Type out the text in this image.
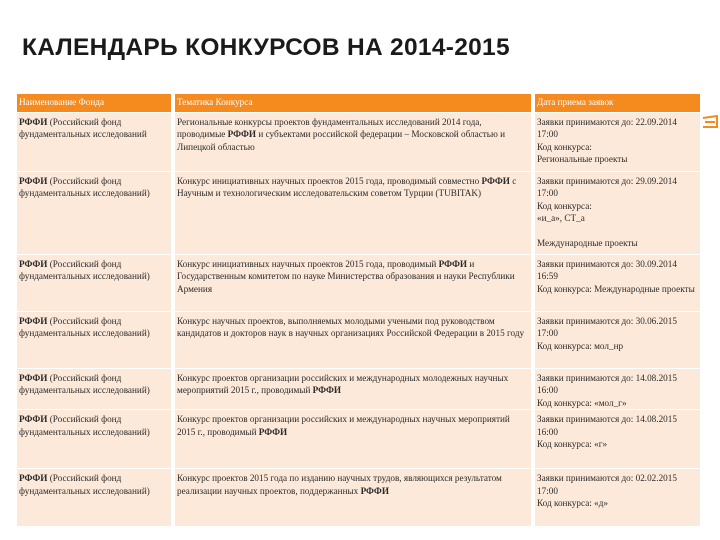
КАЛЕНДАРЬ КОНКУРСОВ НА 2014-2015
Наименование Фонда	Тематика Конкурса	Дата приема заявок
РФФИ (Российский фонд фундаментальных исследований	Региональные конкурсы проектов фундаментальных исследований 2014 года, проводимые РФФИ и субъектами российской федерации – Московской областью и Липецкой областью	Заявки принимаются до: 22.09.2014
17:00
Код конкурса:
Региональные проекты

РФФИ (Российский фонд фундаментальных исследований)	Конкурс инициативных научных проектов 2015 года, проводимый совместно РФФИ с Научным и технологическим исследовательским советом Турции (TUBITAK)	Заявки принимаются до: 29.09.2014
17:00
Код конкурса:
«и_а», СТ_а
Международные проекты

РФФИ (Российский фонд фундаментальных исследований)	Конкурс инициативных научных проектов 2015 года, проводимый РФФИ и Государственным комитетом по науке Министерства образования и науки Республики Армения	Заявки принимаются до: 30.09.2014
16:59
Код конкурса: Международные проекты

РФФИ (Российский фонд фундаментальных исследований)	Конкурс научных проектов, выполняемых молодыми учеными под руководством кандидатов и докторов наук в научных организациях Российской Федерации в 2015 году	Заявки принимаются до: 30.06.2015
17:00
Код конкурса: мол_нр

РФФИ (Российский фонд фундаментальных исследований)	Конкурс проектов организации российских и международных молодежных научных мероприятий 2015 г., проводимый РФФИ	Заявки принимаются до: 14.08.2015
16:00
Код конкурса: «мол_г»

РФФИ (Российский фонд фундаментальных исследований)	Конкурс проектов организации российских и международных научных мероприятий 2015 г., проводимый РФФИ	Заявки принимаются до: 14.08.2015
16:00
Код конкурса: «г»

РФФИ (Российский фонд фундаментальных исследований)	Конкурс проектов 2015 года по изданию научных трудов, являющихся результатом реализации научных проектов, поддержанных РФФИ	Заявки принимаются до: 02.02.2015
17:00
Код конкурса: «д»
